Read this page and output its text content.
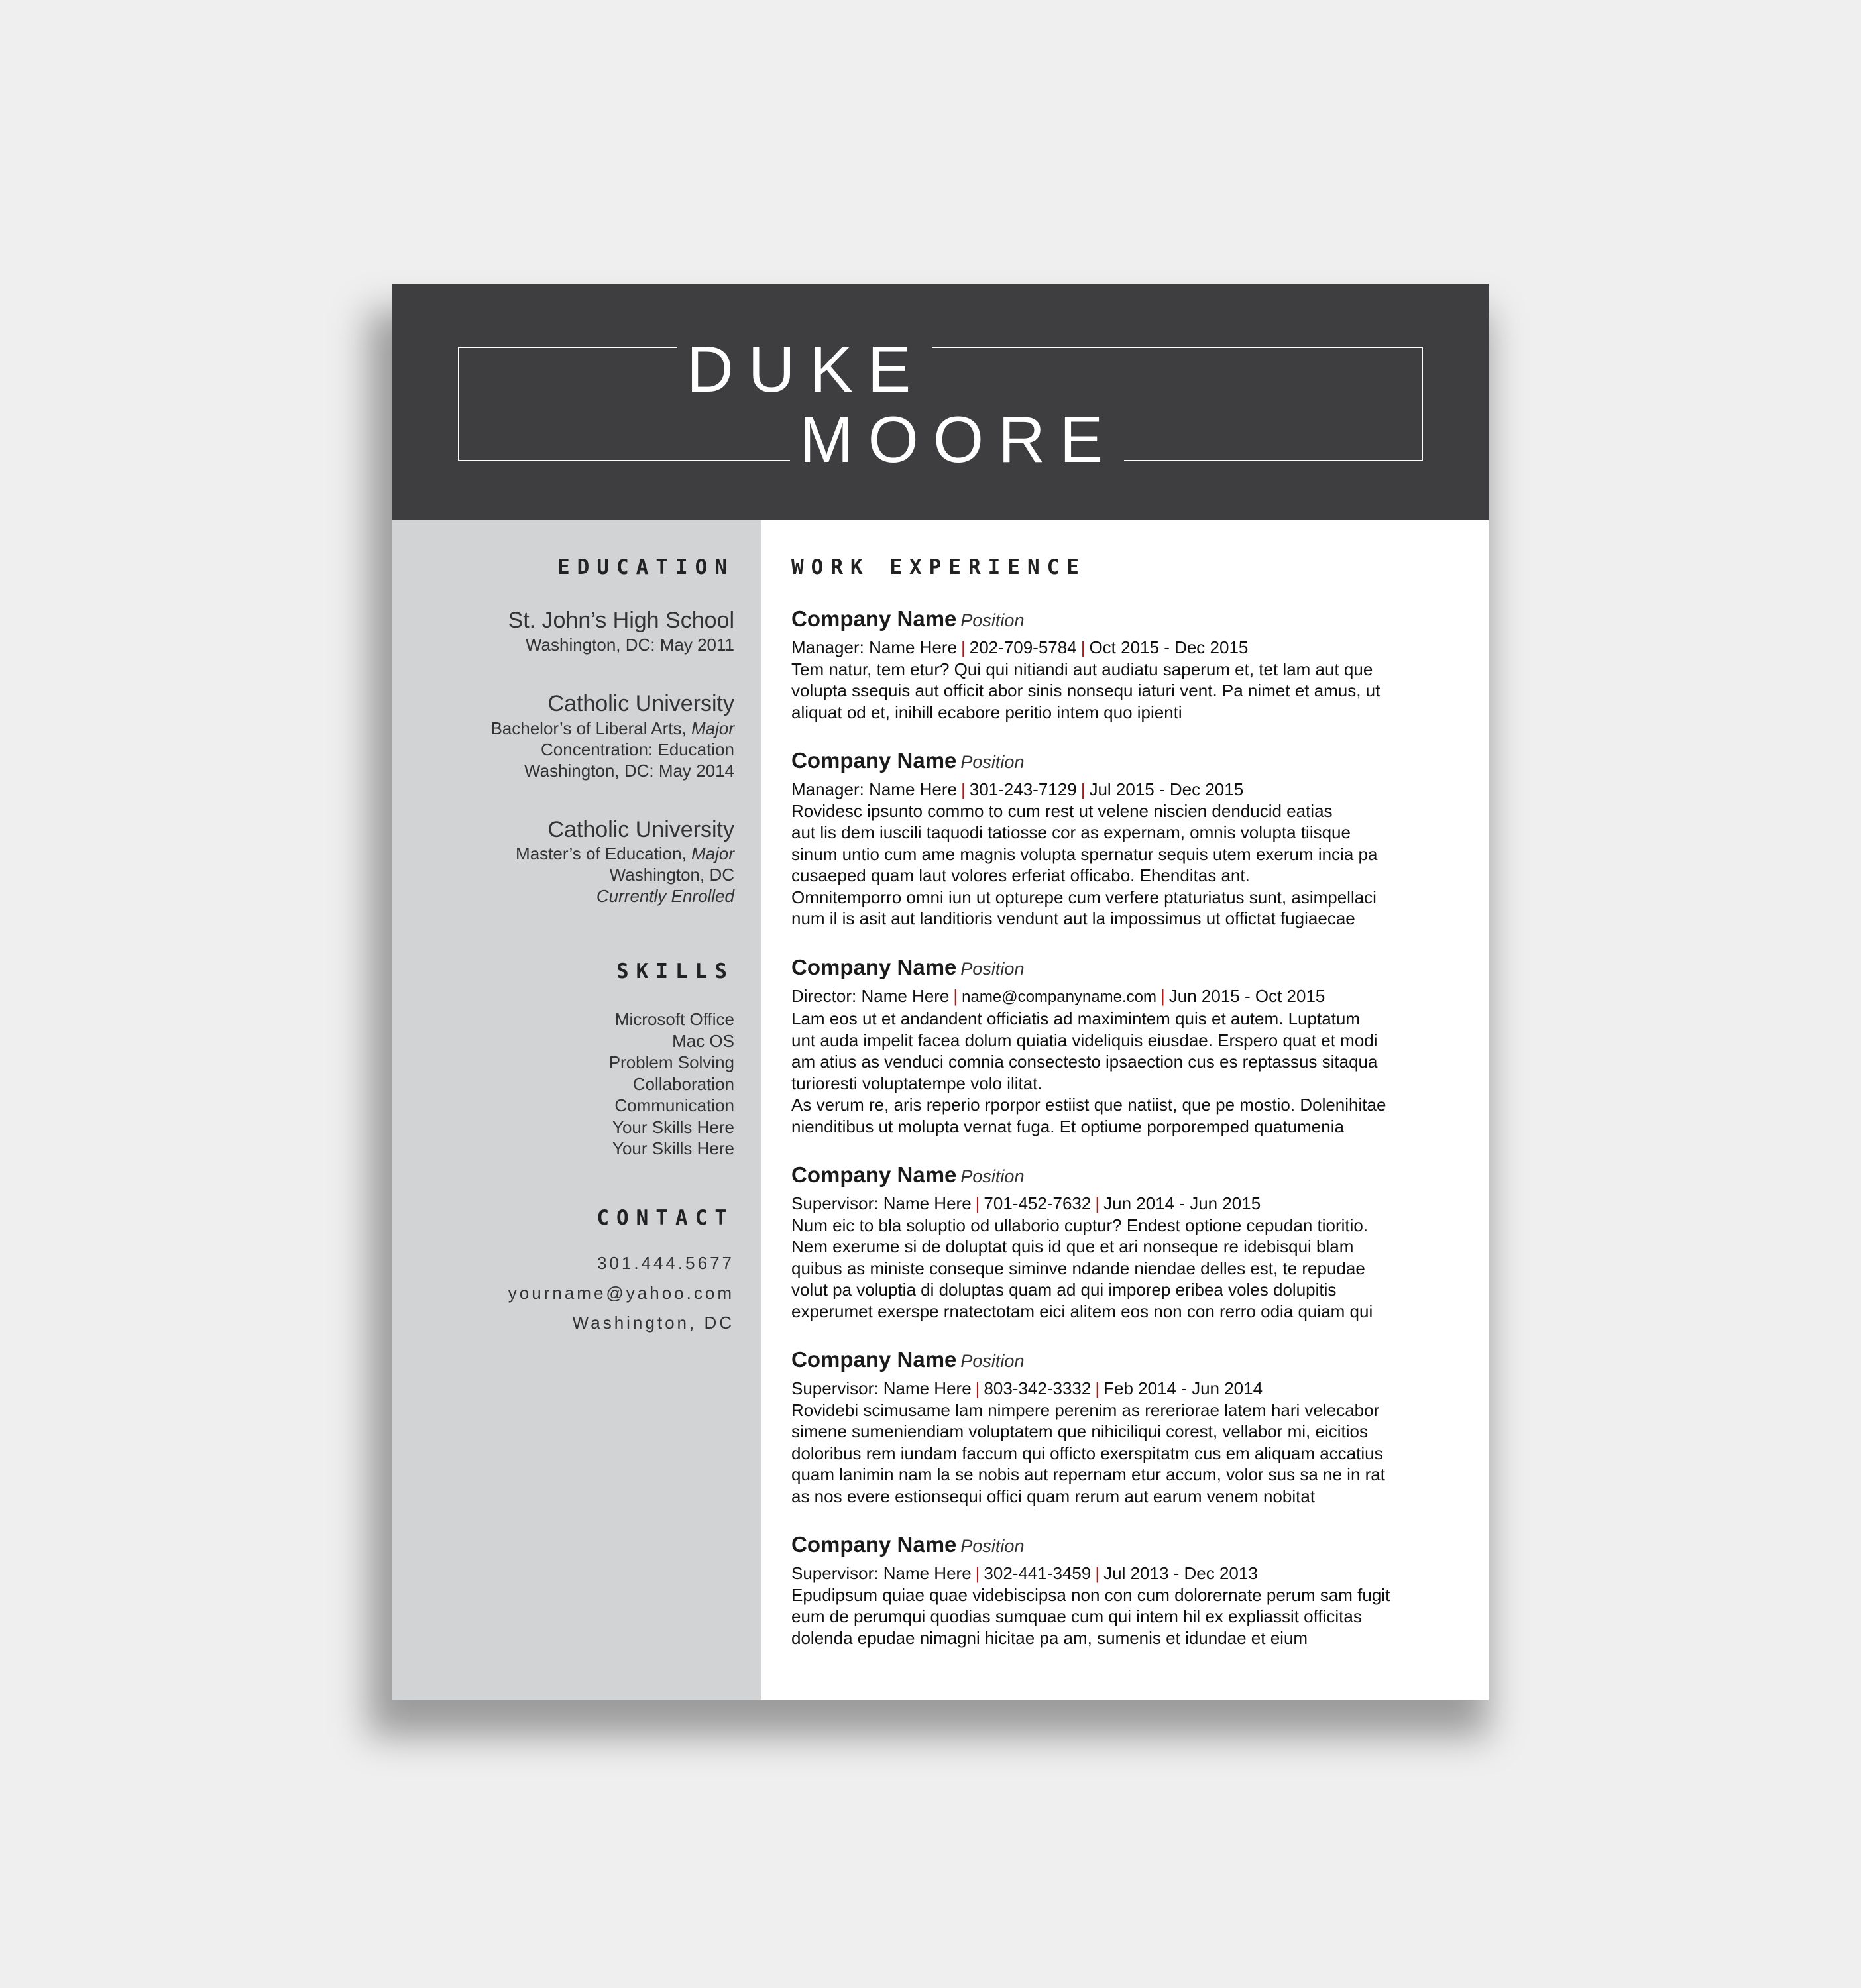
DUKE
MOORE
EDUCATION
St. John’s High School
Washington, DC: May 2011
Catholic University
Bachelor’s of Liberal Arts, Major
Concentration: Education
Washington, DC: May 2014
Catholic University
Master’s of Education, Major
Washington, DC
Currently Enrolled
SKILLS
Microsoft Office
Mac OS
Problem Solving
Collaboration
Communication
Your Skills Here
Your Skills Here
CONTACT
301.444.5677
yourname@yahoo.com
Washington, DC
WORK EXPERIENCE
Company Name Position
Manager: Name Here | 202-709-5784 | Oct 2015 - Dec 2015
Tem natur, tem etur? Qui qui nitiandi aut audiatu saperum et, tet lam aut que
volupta ssequis aut officit abor sinis nonsequ iaturi vent. Pa nimet et amus, ut
aliquat od et, inihill ecabore peritio intem quo ipienti
Company Name Position
Manager: Name Here | 301-243-7129 | Jul 2015 - Dec 2015
Rovidesc ipsunto commo to cum rest ut velene niscien denducid eatias
aut lis dem iuscili taquodi tatiosse cor as expernam, omnis volupta tiisque
sinum untio cum ame magnis volupta spernatur sequis utem exerum incia pa
cusaeped quam laut volores erferiat officabo. Ehenditas ant.
Omnitemporro omni iun ut opturepe cum verfere ptaturiatus sunt, asimpellaci
num il is asit aut landitioris vendunt aut la impossimus ut offictat fugiaecae
Company Name Position
Director: Name Here | name@companyname.com | Jun 2015 - Oct 2015
Lam eos ut et andandent officiatis ad maximintem quis et autem. Luptatum
unt auda impelit facea dolum quiatia videliquis eiusdae. Erspero quat et modi
am atius as venduci comnia consectesto ipsaection cus es reptassus sitaqua
turioresti voluptatempe volo ilitat.
As verum re, aris reperio rporpor estiist que natiist, que pe mostio. Dolenihitae
nienditibus ut molupta vernat fuga. Et optiume porporemped quatumenia
Company Name Position
Supervisor: Name Here | 701-452-7632 | Jun 2014 - Jun 2015
Num eic to bla soluptio od ullaborio cuptur? Endest optione cepudan tioritio.
Nem exerume si de doluptat quis id que et ari nonseque re idebisqui blam
quibus as ministe conseque siminve ndande niendae delles est, te repudae
volut pa voluptia di doluptas quam ad qui imporep eribea voles dolupitis
experumet exerspe rnatectotam eici alitem eos non con rerro odia quiam qui
Company Name Position
Supervisor: Name Here | 803-342-3332 | Feb 2014 - Jun 2014
Rovidebi scimusame lam nimpere perenim as rereriorae latem hari velecabor
simene sumeniendiam voluptatem que nihiciliqui corest, vellabor mi, eicitios
doloribus rem iundam faccum qui officto exerspitatm cus em aliquam accatius
quam lanimin nam la se nobis aut repernam etur accum, volor sus sa ne in rat
as nos evere estionsequi offici quam rerum aut earum venem nobitat
Company Name Position
Supervisor: Name Here | 302-441-3459 | Jul 2013 - Dec 2013
Epudipsum quiae quae videbiscipsa non con cum dolorernate perum sam fugit
eum de perumqui quodias sumquae cum qui intem hil ex expliassit officitas
dolenda epudae nimagni hicitae pa am, sumenis et idundae et eium
